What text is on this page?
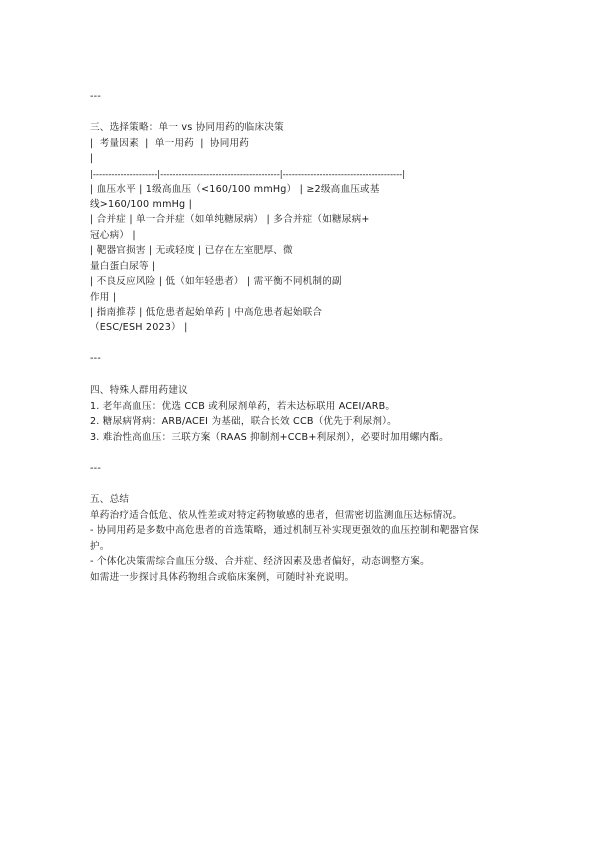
---
三、选择策略：单一 vs 协同用药的临床决策
| 考量因素 | 单一用药 | 协同用药
|
|---------------------|---------------------------------------|---------------------------------------|
| 血压水平 | 1级高血压（<160/100 mmHg） | ≥2级高血压或基
线>160/100 mmHg |
| 合并症 | 单一合并症（如单纯糖尿病） | 多合并症（如糖尿病+
冠心病） |
| 靶器官损害 | 无或轻度 | 已存在左室肥厚、微
量白蛋白尿等 |
| 不良反应风险 | 低（如年轻患者） | 需平衡不同机制的副
作用 |
| 指南推荐 | 低危患者起始单药 | 中高危患者起始联合
（ESC/ESH 2023） |
---
四、特殊人群用药建议
1. 老年高血压：优选 CCB 或利尿剂单药，若未达标联用 ACEI/ARB。
2. 糖尿病肾病：ARB/ACEI 为基础，联合长效 CCB（优先于利尿剂）。
3. 难治性高血压：三联方案（RAAS 抑制剂+CCB+利尿剂），必要时加用螺内酯。
---
五、总结
单药治疗适合低危、依从性差或对特定药物敏感的患者，但需密切监测血压达标情况。
- 协同用药是多数中高危患者的首选策略，通过机制互补实现更强效的血压控制和靶器官保
护。
- 个体化决策需综合血压分级、合并症、经济因素及患者偏好，动态调整方案。
如需进一步探讨具体药物组合或临床案例，可随时补充说明。
